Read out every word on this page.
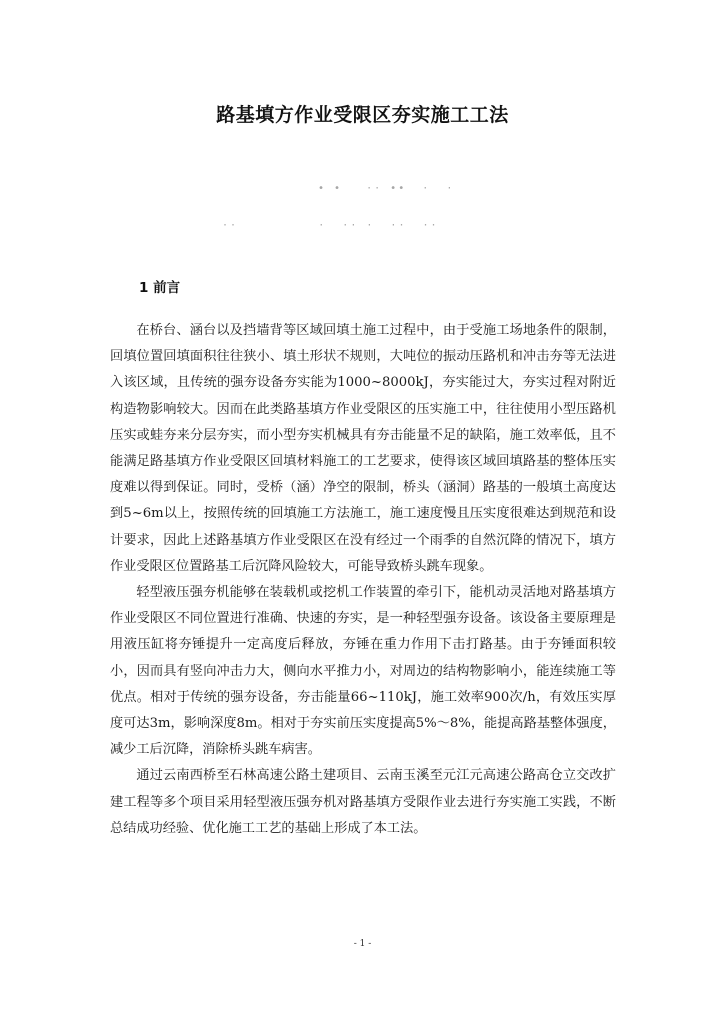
路基填方作业受限区夯实施工工法
• •   ·· ••  ·  ·
··          ·  ·· ·  ··  ··
1 前言

在桥台、涵台以及挡墙背等区域回填土施工过程中，由于受施工场地条件的限制，回填位置回填面积往往狭小、填土形状不规则，大吨位的振动压路机和冲击夯等无法进入该区域，且传统的强夯设备夯实能为1000~8000kJ，夯实能过大，夯实过程对附近构造物影响较大。因而在此类路基填方作业受限区的压实施工中，往往使用小型压路机压实或蛙夯来分层夯实，而小型夯实机械具有夯击能量不足的缺陷，施工效率低，且不能满足路基填方作业受限区回填材料施工的工艺要求，使得该区域回填路基的整体压实度难以得到保证。同时，受桥（涵）净空的限制，桥头（涵洞）路基的一般填土高度达到5~6m以上，按照传统的回填施工方法施工，施工速度慢且压实度很难达到规范和设计要求，因此上述路基填方作业受限区在没有经过一个雨季的自然沉降的情况下，填方作业受限区位置路基工后沉降风险较大，可能导致桥头跳车现象。

轻型液压强夯机能够在装载机或挖机工作装置的牵引下，能机动灵活地对路基填方作业受限区不同位置进行准确、快速的夯实，是一种轻型强夯设备。该设备主要原理是用液压缸将夯锤提升一定高度后释放，夯锤在重力作用下击打路基。由于夯锤面积较小，因而具有竖向冲击力大，侧向水平推力小，对周边的结构物影响小，能连续施工等优点。相对于传统的强夯设备，夯击能量66~110kJ，施工效率900次/h，有效压实厚度可达3m，影响深度8m。相对于夯实前压实度提高5%～8%，能提高路基整体强度，减少工后沉降，消除桥头跳车病害。

通过云南西桥至石林高速公路土建项目、云南玉溪至元江元高速公路高仓立交改扩建工程等多个项目采用轻型液压强夯机对路基填方受限作业去进行夯实施工实践，不断总结成功经验、优化施工工艺的基础上形成了本工法。

- 1 -
